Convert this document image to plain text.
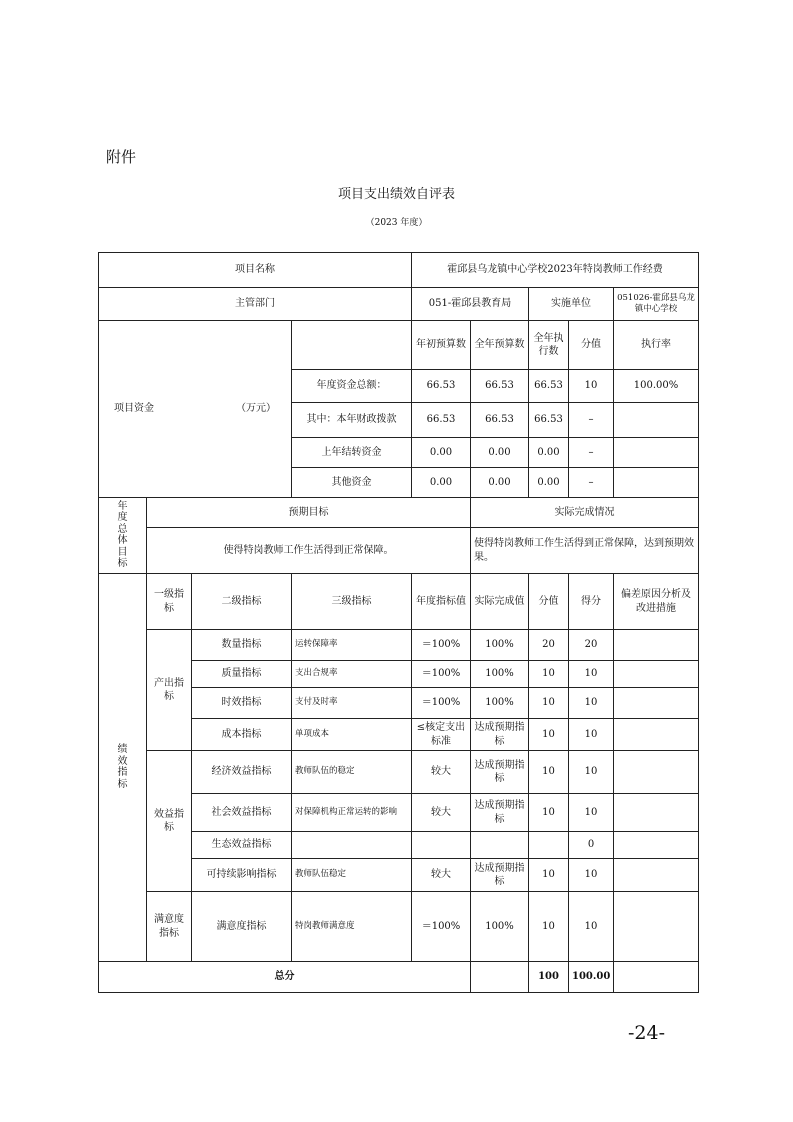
附件
项目支出绩效自评表
（2023 年度）
项目名称				霍邱县乌龙镇中心学校2023年特岗教师工作经费					
主管部门				051-霍邱县教育局		实施单位		051026-霍邱县乌龙镇中心学校	

项目资金 （万元）				年初预算数	全年预算数	全年执行数	分值	执行率	
			年度资金总额：	66.53	66.53	66.53	10	100.00%	
			其中：本年财政拨款	66.53	66.53	66.53	–		
			上年结转资金	0.00	0.00	0.00	–		
			其他资金	0.00	0.00	0.00	–		
年度总体目标	预期目标				实际完成情况				
	使得特岗教师工作生活得到正常保障。				使得特岗教师工作生活得到正常保障，达到预期效果。				
绩效指标	一级指标	二级指标	三级指标	年度指标值	实际完成值	分值	得分	偏差原因分析及改进措施	
	产出指标	数量指标	运转保障率	＝100%	100%	20	20		
		质量指标	支出合规率	＝100%	100%	10	10		
		时效指标	支付及时率	＝100%	100%	10	10		
		成本指标	单项成本	≤核定支出标准	达成预期指标	10	10		
	效益指标	经济效益指标	教师队伍的稳定	较大	达成预期指标	10	10		
		社会效益指标	对保障机构正常运转的影响	较大	达成预期指标	10	10		
		生态效益指标					0		
		可持续影响指标	教师队伍稳定	较大	达成预期指标	10	10		
	满意度指标	满意度指标	特岗教师满意度	＝100%	100%	10	10		
总分						100	100.00		
-24-
